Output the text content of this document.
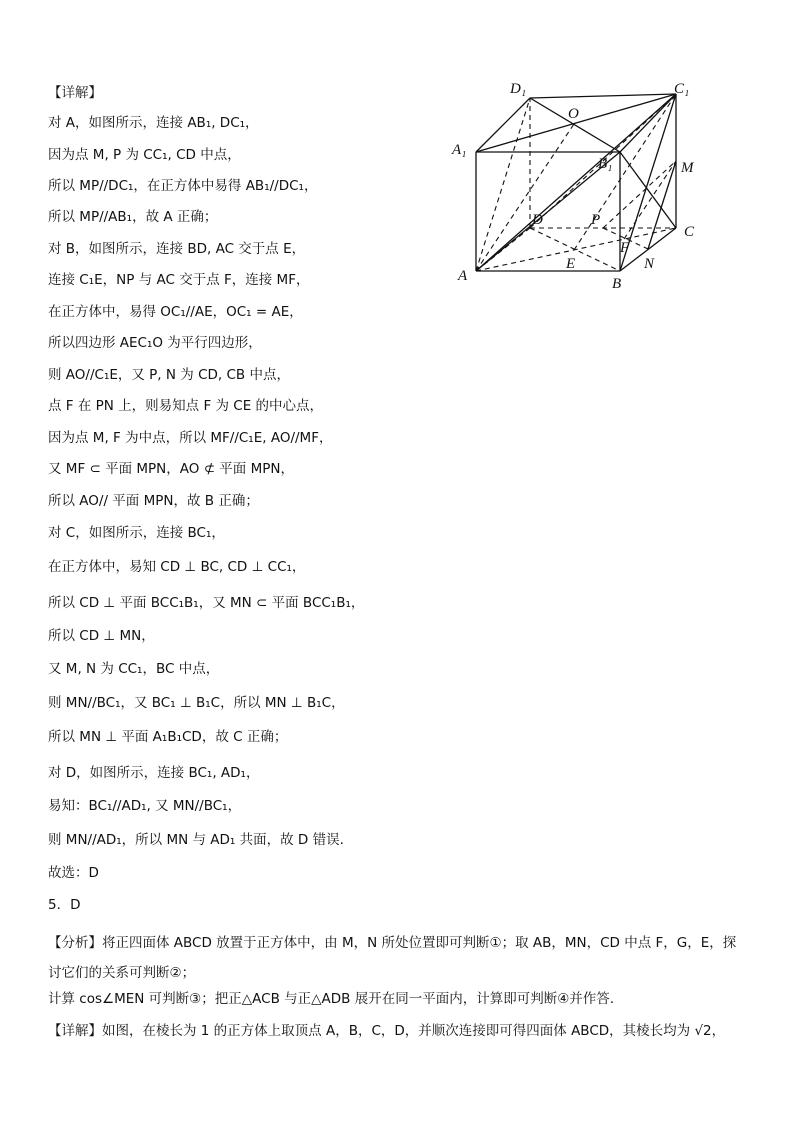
【详解】
对 A，如图所示，连接 AB₁, DC₁，
因为点 M, P 为 CC₁, CD 中点，
所以 MP//DC₁，在正方体中易得 AB₁//DC₁，
所以 MP//AB₁，故 A 正确；
对 B，如图所示，连接 BD, AC 交于点 E，
连接 C₁E，NP 与 AC 交于点 F，连接 MF，
在正方体中，易得 OC₁//AE，OC₁ = AE，
所以四边形 AEC₁O 为平行四边形，
则 AO//C₁E，又 P, N 为 CD, CB 中点，
点 F 在 PN 上，则易知点 F 为 CE 的中心点，
因为点 M, F 为中点，所以 MF//C₁E, AO//MF，
又 MF ⊂ 平面 MPN，AO ⊄ 平面 MPN，
所以 AO// 平面 MPN，故 B 正确；
对 C，如图所示，连接 BC₁，
在正方体中，易知 CD ⊥ BC, CD ⊥ CC₁，
所以 CD ⊥ 平面 BCC₁B₁，又 MN ⊂ 平面 BCC₁B₁，
所以 CD ⊥ MN，
又 M, N 为 CC₁，BC 中点，
则 MN//BC₁，又 BC₁ ⊥ B₁C，所以 MN ⊥ B₁C，
所以 MN ⊥ 平面 A₁B₁CD，故 C 正确；
对 D，如图所示，连接 BC₁, AD₁，
易知：BC₁//AD₁, 又 MN//BC₁，
则 MN//AD₁，所以 MN 与 AD₁ 共面，故 D 错误.
故选：D
5．D
【分析】将正四面体 ABCD 放置于正方体中，由 M，N 所处位置即可判断①；取 AB，MN，CD 中点 F，G，E，探讨它们的关系可判断②；
计算 cos∠MEN 可判断③；把正△ACB 与正△ADB 展开在同一平面内，计算即可判断④并作答.
【详解】如图，在棱长为 1 的正方体上取顶点 A，B，C，D，并顺次连接即可得四面体 ABCD，其棱长均为 √2，
D₁	C₁
O
A₁
B₁	M
D	P
C
F
E	N
A	B
